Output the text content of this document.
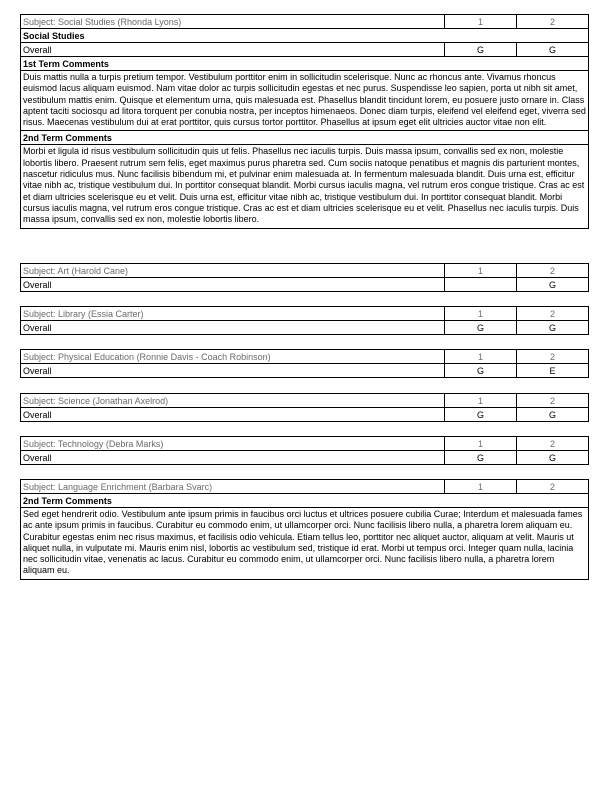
Subject: Social Studies (Rhonda Lyons)	1	2
Social Studies		
Overall	G	G
1st Term Comments		
Duis mattis nulla a turpis pretium tempor. Vestibulum porttitor enim in sollicitudin scelerisque. Nunc ac rhoncus ante. Vivamus rhoncus euismod lacus aliquam euismod. Nam vitae dolor ac turpis sollicitudin egestas et nec purus. Suspendisse leo sapien, porta ut nibh sit amet, vestibulum mattis enim. Quisque et elementum urna, quis malesuada est. Phasellus blandit tincidunt lorem, eu posuere justo ornare in. Class aptent taciti sociosqu ad litora torquent per conubia nostra, per inceptos himenaeos. Donec diam turpis, eleifend vel eleifend eget, viverra sed risus. Maecenas vestibulum dui at erat porttitor, quis cursus tortor porttitor. Phasellus at ipsum eget elit ultricies auctor vitae non elit.		
2nd Term Comments		
Morbi et ligula id risus vestibulum sollicitudin quis ut felis. Phasellus nec iaculis turpis. Duis massa ipsum, convallis sed ex non, molestie lobortis libero. Praesent rutrum sem felis, eget maximus purus pharetra sed. Cum sociis natoque penatibus et magnis dis parturient montes, nascetur ridiculus mus. Nunc facilisis bibendum mi, et pulvinar enim malesuada at. In fermentum malesuada blandit. Duis urna est, efficitur vitae nibh ac, tristique vestibulum dui. In porttitor consequat blandit. Morbi cursus iaculis magna, vel rutrum eros congue tristique. Cras ac est et diam ultricies scelerisque eu et velit. Duis urna est, efficitur vitae nibh ac, tristique vestibulum dui. In porttitor consequat blandit. Morbi cursus iaculis magna, vel rutrum eros congue tristique. Cras ac est et diam ultricies scelerisque eu et velit. Phasellus nec iaculis turpis. Duis massa ipsum, convallis sed ex non, molestie lobortis libero.		
Subject: Art (Harold Cane)	1	2
Overall		G
Subject: Library (Essia Carter)	1	2
Overall	G	G
Subject: Physical Education (Ronnie Davis - Coach Robinson)	1	2
Overall	G	E
Subject: Science (Jonathan Axelrod)	1	2
Overall	G	G
Subject: Technology (Debra Marks)	1	2
Overall	G	G
Subject: Language Enrichment (Barbara Svarc)	1	2
2nd Term Comments
Sed eget hendrerit odio. Vestibulum ante ipsum primis in faucibus orci luctus et ultrices posuere cubilia Curae; Interdum et malesuada fames ac ante ipsum primis in faucibus. Curabitur eu commodo enim, ut ullamcorper orci. Nunc facilisis libero nulla, a pharetra lorem aliquam eu. Curabitur egestas enim nec risus maximus, et facilisis odio vehicula. Etiam tellus leo, porttitor nec aliquet auctor, aliquam at velit. Mauris ut aliquet nulla, in vulputate mi. Mauris enim nisl, lobortis ac vestibulum sed, tristique id erat. Morbi ut tempus orci. Integer quam nulla, lacinia nec sollicitudin vitae, venenatis ac lacus. Curabitur eu commodo enim, ut ullamcorper orci. Nunc facilisis libero nulla, a pharetra lorem aliquam eu.
